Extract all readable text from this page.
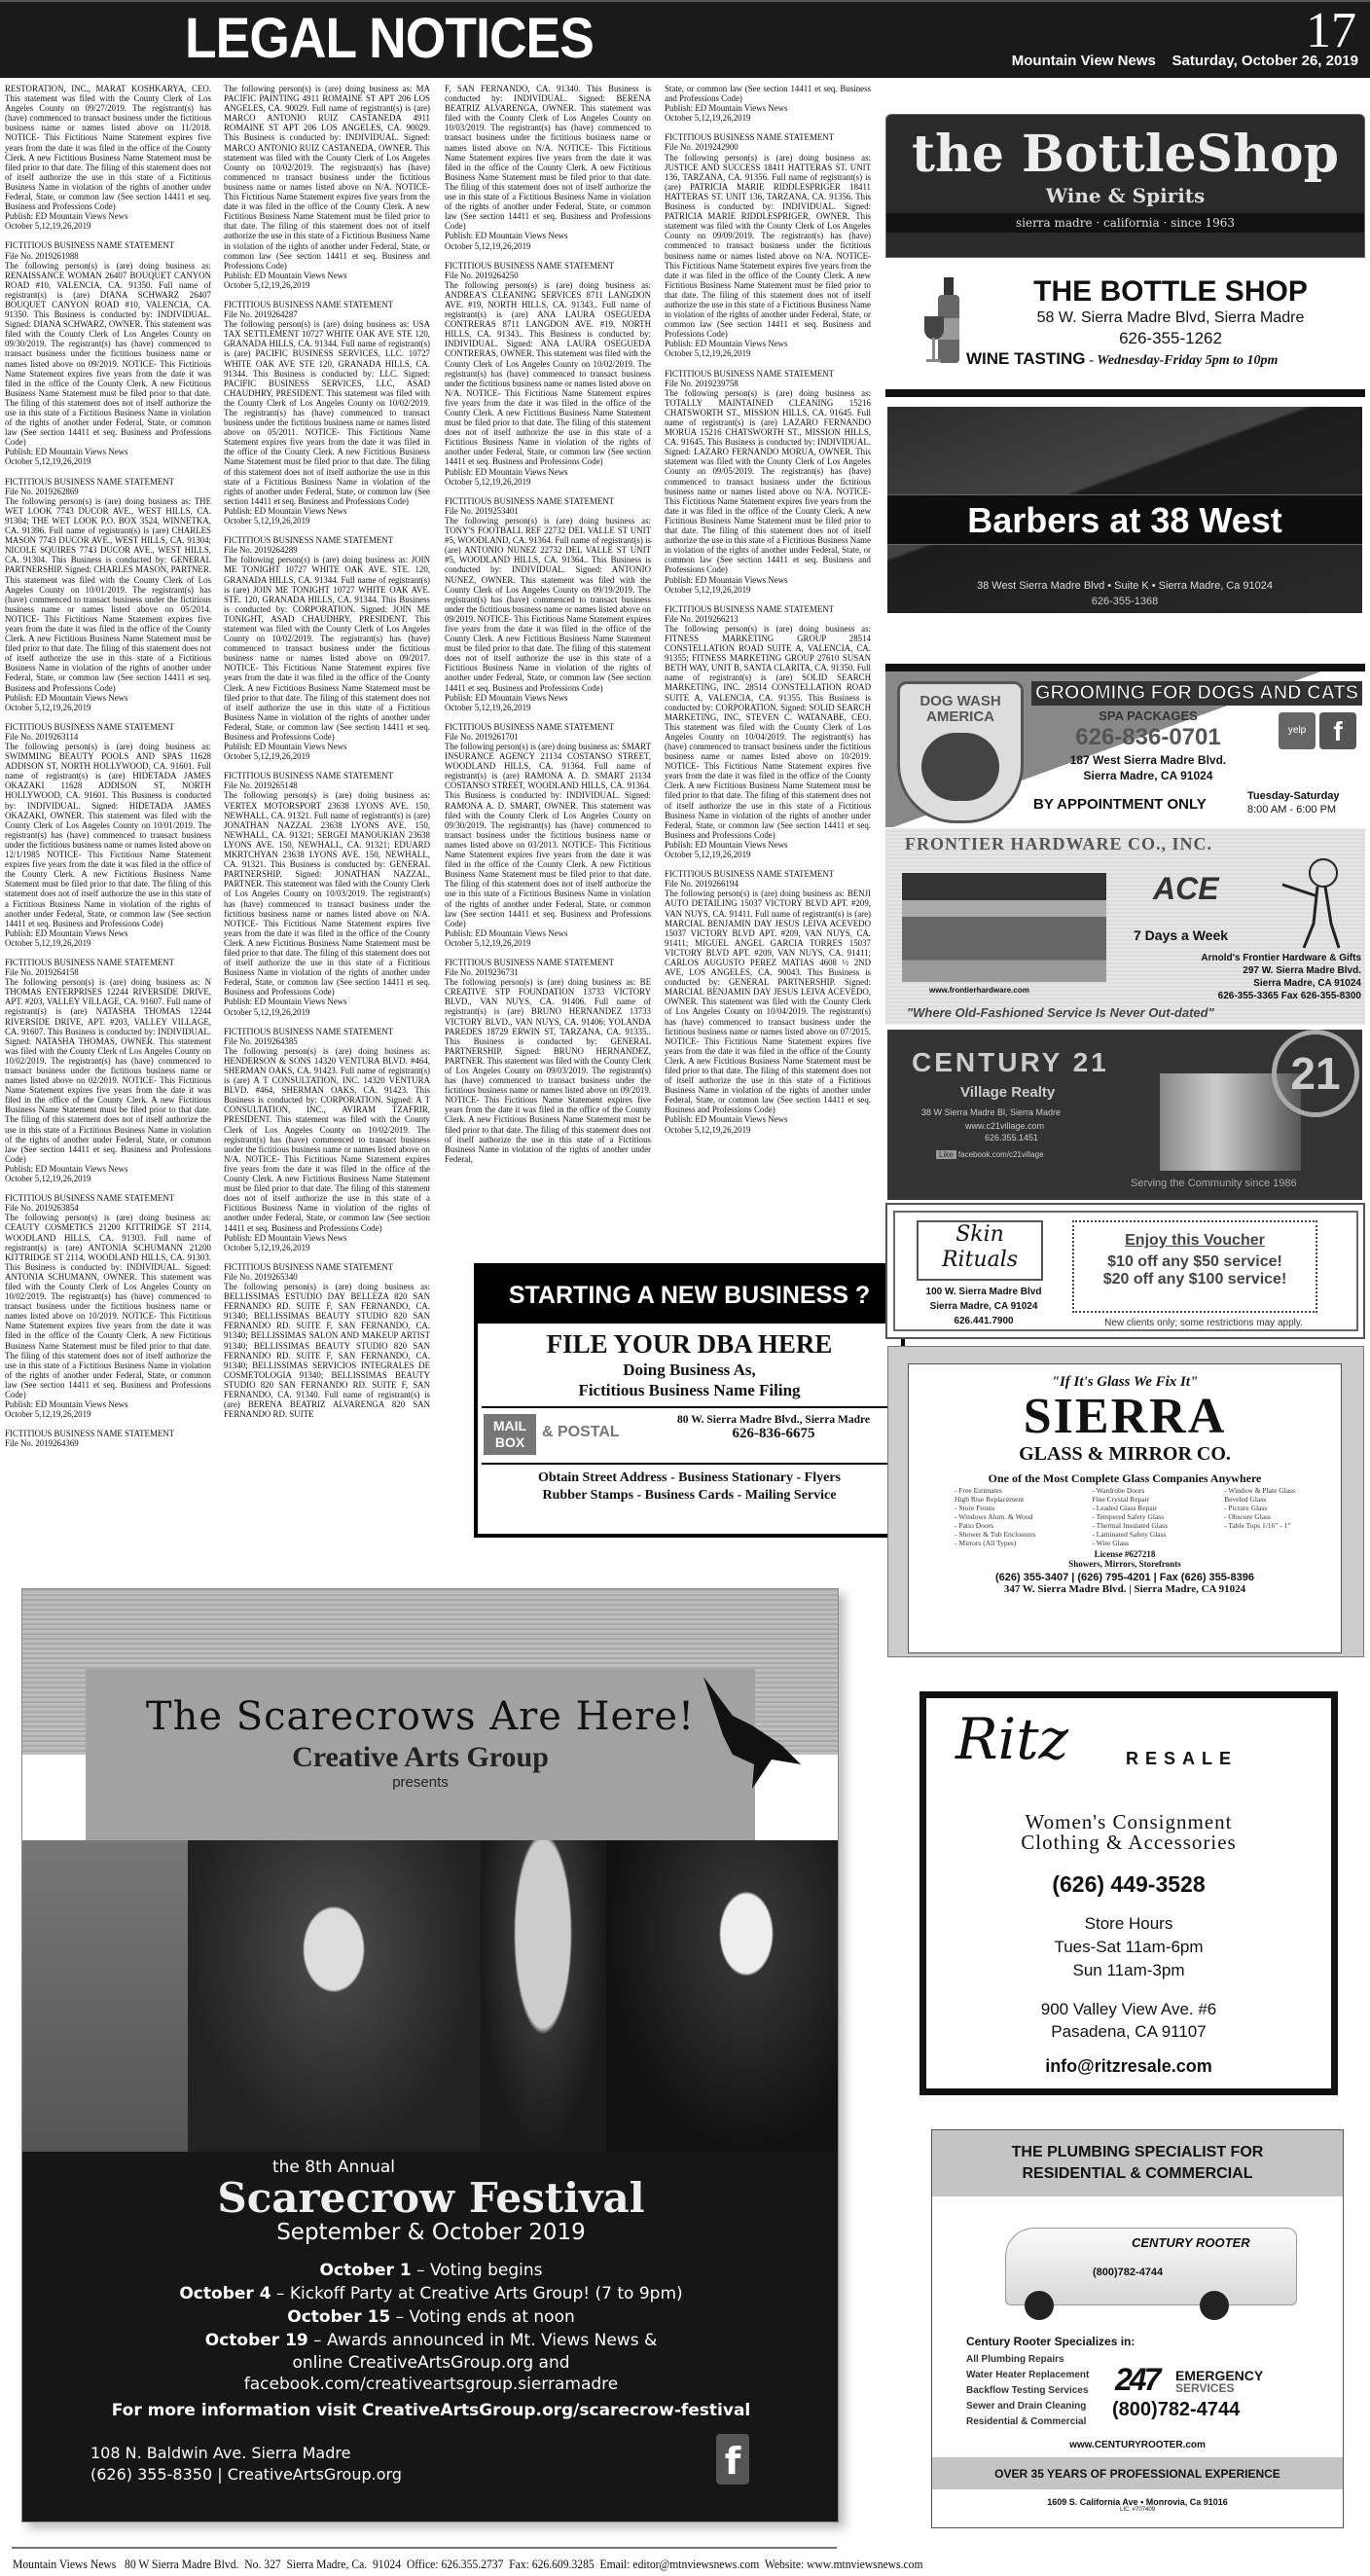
LEGAL NOTICES	17
Mountain View News Saturday, October 26, 2019
RESTORATION, INC., MARAT KOSHKARYA, CEO. This statement was filed with the County Clerk of Los Angeles County on 09/27/2019. The registrant(s) has (have) commenced to transact business under the fictitious business name or names listed above on 11/2018. NOTICE- This Fictitious Name Statement expires five years from the date it was filed in the office of the County Clerk. A new Fictitious Business Name Statement must be filed prior to that date. The filing of this statement does not of itself authorize the use in this state of a Fictitious Business Name in violation of the rights of another under Federal, State, or common law (See section 14411 et seq. Business and Professions Code)
Publish: ED Mountain Views News
October 5,12,19,26,2019
FICTITIOUS BUSINESS NAME STATEMENT
File No. 2019261988
The following person(s) is (are) doing business as: RENAISSANCE WOMAN 26407 BOUQUET CANYON ROAD #10, VALENCIA, CA. 91350. Full name of registrant(s) is (are) DIANA SCHWARZ 26407 BOUQUET CANYON ROAD #10, VALENCIA, CA. 91350. This Business is conducted by: INDIVIDUAL. Signed: DIANA SCHWARZ, OWNER. This statement was filed with the County Clerk of Los Angeles County on 09/30/2019. The registrant(s) has (have) commenced to transact business under the fictitious business name or names listed above on 09/2019. NOTICE- This Fictitious Name Statement expires five years from the date it was filed in the office of the County Clerk. A new Fictitious Business Name Statement must be filed prior to that date. The filing of this statement does not of itself authorize the use in this state of a Fictitious Business Name in violation of the rights of another under Federal, State, or common law (See section 14411 et seq. Business and Professions Code)
Publish: ED Mountain Views News
October 5,12,19,26,2019
FICTITIOUS BUSINESS NAME STATEMENT
File No. 2019262869
The following person(s) is (are) doing business as: THE WET LOOK 7743 DUCOR AVE., WEST HILLS, CA. 91304; THE WET LOOK P.O. BOX 3524, WINNETKA, CA. 91396. Full name of registrant(s) is (are) CHARLES MASON 7743 DUCOR AVE., WEST HILLS, CA. 91304; NICOLE SQUIRES 7743 DUCOR AVE., WEST HILLS, CA. 91304. This Business is conducted by: GENERAL PARTNERSHIP. Signed: CHARLES MASON, PARTNER. This statement was filed with the County Clerk of Los Angeles County on 10/01/2019. The registrant(s) has (have) commenced to transact business under the fictitious business name or names listed above on 05/2014. NOTICE- This Fictitious Name Statement expires five years from the date it was filed in the office of the County Clerk. A new Fictitious Business Name Statement must be filed prior to that date. The filing of this statement does not of itself authorize the use in this state of a Fictitious Business Name in violation of the rights of another under Federal, State, or common law (See section 14411 et seq. Business and Professions Code)
Publish: ED Mountain Views News
October 5,12,19,26,2019
FICTITIOUS BUSINESS NAME STATEMENT
File No. 2019263114
The following person(s) is (are) doing business as: SWIMMING BEAUTY POOLS AND SPAS 11628 ADDISON ST, NORTH HOLLYWOOD, CA. 91601. Full name of registrant(s) is (are) HIDETADA JAMES OKAZAKI 11628 ADDISON ST, NORTH HOLLYWOOD, CA. 91601. This Business is conducted by: INDIVIDUAL. Signed: HIDETADA JAMES OKAZAKI, OWNER. This statement was filed with the County Clerk of Los Angeles County on 10/01/2019. The registrant(s) has (have) commenced to transact business under the fictitious business name or names listed above on 12/1/1985 NOTICE- This Fictitious Name Statement expires five years from the date it was filed in the office of the County Clerk. A new Fictitious Business Name Statement must be filed prior to that date. The filing of this statement does not of itself authorize the use in this state of a Fictitious Business Name in violation of the rights of another under Federal, State, or common law (See section 14411 et seq. Business and Professions Code)
Publish: ED Mountain Views News
October 5,12,19,26,2019
FICTITIOUS BUSINESS NAME STATEMENT
File No. 2019264158
The following person(s) is (are) doing business as: N THOMAS ENTERPRISES 12244 RIVERSIDE DRIVE, APT. #203, VALLEY VILLAGE, CA. 91607. Full name of registrant(s) is (are) NATASHA THOMAS 12244 RIVERSIDE DRIVE, APT. #203, VALLEY VILLAGE, CA. 91607. This Business is conducted by: INDIVIDUAL. Signed: NATASHA THOMAS, OWNER. This statement was filed with the County Clerk of Los Angeles County on 10/02/2019. The registrant(s) has (have) commenced to transact business under the fictitious business name or names listed above on 02/2019. NOTICE- This Fictitious Name Statement expires five years from the date it was filed in the office of the County Clerk. A new Fictitious Business Name Statement must be filed prior to that date. The filing of this statement does not of itself authorize the use in this state of a Fictitious Business Name in violation of the rights of another under Federal, State, or common law (See section 14411 et seq. Business and Professions Code)
Publish: ED Mountain Views News
October 5,12,19,26,2019
FICTITIOUS BUSINESS NAME STATEMENT
File No. 2019263854
The following person(s) is (are) doing business as: CEAUTY COSMETICS 21200 KITTRIDGE ST 2114, WOODLAND HILLS, CA. 91303. Full name of registrant(s) is (are) ANTONIA SCHUMANN 21200 KITTRIDGE ST 2114, WOODLAND HILLS, CA. 91303. This Business is conducted by: INDIVIDUAL. Signed: ANTONIA SCHUMANN, OWNER. This statement was filed with the County Clerk of Los Angeles County on 10/02/2019. The registrant(s) has (have) commenced to transact business under the fictitious business name or names listed above on 10/2019. NOTICE- This Fictitious Name Statement expires five years from the date it was filed in the office of the County Clerk. A new Fictitious Business Name Statement must be filed prior to that date. The filing of this statement does not of itself authorize the use in this state of a Fictitious Business Name in violation of the rights of another under Federal, State, or common law (See section 14411 et seq. Business and Professions Code)
Publish: ED Mountain Views News
October 5,12,19,26,2019
FICTITIOUS BUSINESS NAME STATEMENT
File No. 2019264369
The following person(s) is (are) doing business as: MA PACIFIC PAINTING 4911 ROMAINE ST APT 206 LOS ANGELES, CA. 90029. Full name of registrant(s) is (are) MARCO ANTONIO RUIZ CASTANEDA 4911 ROMAINE ST APT 206 LOS ANGELES, CA. 90029. This Business is conducted by: INDIVIDUAL. Signed: MARCO ANTONIO RUIZ CASTANEDA, OWNER. This statement was filed with the County Clerk of Los Angeles County on 10/02/2019. The registrant(s) has (have) commenced to transact business under the fictitious business name or names listed above on N/A. NOTICE- This Fictitious Name Statement expires five years from the date it was filed in the office of the County Clerk. A new Fictitious Business Name Statement must be filed prior to that date. The filing of this statement does not of itself authorize the use in this state of a Fictitious Business Name in violation of the rights of another under Federal, State, or common law (See section 14411 et seq. Business and Professions Code)
Publish: ED Mountain Views News
October 5,12,19,26,2019
FICTITIOUS BUSINESS NAME STATEMENT
File No. 2019264287
The following person(s) is (are) doing business as: USA TAX SETTLEMENT 10727 WHITE OAK AVE STE 120, GRANADA HILLS, CA. 91344. Full name of registrant(s) is (are) PACIFIC BUSINESS SERVICES, LLC. 10727 WHITE OAK AVE STE 120, GRANADA HILLS, CA. 91344. This Business is conducted by: LLC. Signed: PACIFIC BUSINESS SERVICES, LLC, ASAD CHAUDHRY, PRESIDENT. This statement was filed with the County Clerk of Los Angeles County on 10/02/2019. The registrant(s) has (have) commenced to transact business under the fictitious business name or names listed above on 05/2011. NOTICE- This Fictitious Name Statement expires five years from the date it was filed in the office of the County Clerk. A new Fictitious Business Name Statement must be filed prior to that date. The filing of this statement does not of itself authorize the use in this state of a Fictitious Business Name in violation of the rights of another under Federal, State, or common law (See section 14411 et seq. Business and Professions Code)
Publish: ED Mountain Views News
October 5,12,19,26,2019
FICTITIOUS BUSINESS NAME STATEMENT
File No. 2019264289
The following person(s) is (are) doing business as: JOIN ME TONIGHT 10727 WHITE OAK AVE. STE. 120, GRANADA HILLS, CA. 91344. Full name of registrant(s) is (are) JOIN ME TONIGHT 10727 WHITE OAK AVE. STE. 120, GRANADA HILLS, CA. 91344. This Business is conducted by: CORPORATION. Signed: JOIN ME TONIGHT, ASAD CHAUDHRY, PRESIDENT. This statement was filed with the County Clerk of Los Angeles County on 10/02/2019. The registrant(s) has (have) commenced to transact business under the fictitious business name or names listed above on 09/2017. NOTICE- This Fictitious Name Statement expires five years from the date it was filed in the office of the County Clerk. A new Fictitious Business Name Statement must be filed prior to that date. The filing of this statement does not of itself authorize the use in this state of a Fictitious Business Name in violation of the rights of another under Federal, State, or common law (See section 14411 et seq. Business and Professions Code)
Publish: ED Mountain Views News
October 5,12,19,26,2019
FICTITIOUS BUSINESS NAME STATEMENT
File No. 2019265148
The following person(s) is (are) doing business as: VERTEX MOTORSPORT 23638 LYONS AVE. 150, NEWHALL, CA. 91321. Full name of registrant(s) is (are) JONATHAN NAZZAL 23638 LYONS AVE. 150, NEWHALL, CA. 91321; SERGEI MANOUKIAN 23638 LYONS AVE. 150, NEWHALL, CA. 91321; EDUARD MKRTCHYAN 23638 LYONS AVE. 150, NEWHALL, CA. 91321. This Business is conducted by: GENERAL PARTNERSHIP. Signed: JONATHAN NAZZAL, PARTNER. This statement was filed with the County Clerk of Los Angeles County on 10/03/2019. The registrant(s) has (have) commenced to transact business under the fictitious business name or names listed above on N/A. NOTICE- This Fictitious Name Statement expires five years from the date it was filed in the office of the County Clerk. A new Fictitious Business Name Statement must be filed prior to that date. The filing of this statement does not of itself authorize the use in this state of a Fictitious Business Name in violation of the rights of another under Federal, State, or common law (See section 14411 et seq. Business and Professions Code)
Publish: ED Mountain Views News
October 5,12,19,26,2019
FICTITIOUS BUSINESS NAME STATEMENT
File No. 2019264385
The following person(s) is (are) doing business as: HENDERSON & SONS 14320 VENTURA BLVD. #464, SHERMAN OAKS, CA. 91423. Full name of registrant(s) is (are) A T CONSULTATION, INC. 14320 VENTURA BLVD. #464, SHERMAN OAKS, CA. 91423. This Business is conducted by: CORPORATION. Signed: A T CONSULTATION, INC., AVIRAM TZAFRIR, PRESIDENT. This statement was filed with the County Clerk of Los Angeles County on 10/02/2019. The registrant(s) has (have) commenced to transact business under the fictitious business name or names listed above on N/A. NOTICE- This Fictitious Name Statement expires five years from the date it was filed in the office of the County Clerk. A new Fictitious Business Name Statement must be filed prior to that date. The filing of this statement does not of itself authorize the use in this state of a Fictitious Business Name in violation of the rights of another under Federal, State, or common law (See section 14411 et seq. Business and Professions Code)
Publish: ED Mountain Views News
October 5,12,19,26,2019
FICTITIOUS BUSINESS NAME STATEMENT
File No. 2019265340
The following person(s) is (are) doing business as: BELLISSIMAS ESTUDIO DAY BELLEZA 820 SAN FERNANDO RD. SUITE F, SAN FERNANDO, CA. 91340; BELLISSIMAS BEAUTY STUDIO 820 SAN FERNANDO RD. SUITE F, SAN FERNANDO, CA. 91340; BELLISSIMAS SALON AND MAKEUP ARTIST 91340; BELLISSIMAS BEAUTY STUDIO 820 SAN FERNANDO RD. SUITE F, SAN FERNANDO, CA. 91340; BELLISSIMAS SERVICIOS INTEGRALES DE COSMETOLOGIA 91340; BELLISSIMAS BEAUTY STUDIO 820 SAN FERNANDO RD. SUITE F, SAN FERNANDO, CA. 91340. Full name of registrant(s) is (are) BERENA BEATRIZ ALVARENGA 820 SAN FERNANDO RD. SUITE
F, SAN FERNANDO, CA. 91340. This Business is conducted by: INDIVIDUAL. Signed: BERENA BEATRIZ ALVARENGA, OWNER. This statement was filed with the County Clerk of Los Angeles County on 10/03/2019. The registrant(s) has (have) commenced to transact business under the fictitious business name or names listed above on N/A. NOTICE- This Fictitious Name Statement expires five years from the date it was filed in the office of the County Clerk. A new Fictitious Business Name Statement must be filed prior to that date. The filing of this statement does not of itself authorize the use in this state of a Fictitious Business Name in violation of the rights of another under Federal, State, or common law (See section 14411 et seq. Business and Professions Code)
Publish: ED Mountain Views News
October 5,12,19,26,2019
FICTITIOUS BUSINESS NAME STATEMENT
File No. 2019264250
The following person(s) is (are) doing business as: ANDREA'S CLEANING SERVICES 8711 LANGDON AVE. #19, NORTH HILLS, CA. 91343.. Full name of registrant(s) is (are) ANA LAURA OSEGUEDA CONTRERAS 8711 LANGDON AVE. #19, NORTH HILLS, CA. 91343.. This Business is conducted by: INDIVIDUAL. Signed: ANA LAURA OSEGUEDA CONTRERAS, OWNER. This statement was filed with the County Clerk of Los Angeles County on 10/02/2019. The registrant(s) has (have) commenced to transact business under the fictitious business name or names listed above on N/A. NOTICE- This Fictitious Name Statement expires five years from the date it was filed in the office of the County Clerk. A new Fictitious Business Name Statement must be filed prior to that date. The filing of this statement does not of itself authorize the use in this state of a Fictitious Business Name in violation of the rights of another under Federal, State, or common law (See section 14411 et seq. Business and Professions Code)
Publish: ED Mountain Views News
October 5,12,19,26,2019
FICTITIOUS BUSINESS NAME STATEMENT
File No. 2019253401
The following person(s) is (are) doing business as: TONY'S FOOTBALL REF 22732 DEL VALLE ST UNIT #5, WOODLAND, CA. 91364. Full name of registrant(s) is (are) ANTONIO NUNEZ 22732 DEL VALLE ST UNIT #5, WOODLAND HILLS, CA. 91364.. This Business is conducted by: INDIVIDUAL. Signed: ANTONIO NUNEZ, OWNER. This statement was filed with the County Clerk of Los Angeles County on 09/19/2019. The registrant(s) has (have) commenced to transact business under the fictitious business name or names listed above on 09/2019. NOTICE- This Fictitious Name Statement expires five years from the date it was filed in the office of the County Clerk. A new Fictitious Business Name Statement must be filed prior to that date. The filing of this statement does not of itself authorize the use in this state of a Fictitious Business Name in violation of the rights of another under Federal, State, or common law (See section 14411 et seq. Business and Professions Code)
Publish: ED Mountain Views News
October 5,12,19,26,2019
FICTITIOUS BUSINESS NAME STATEMENT
File No. 2019261701
The following person(s) is (are) doing business as: SMART INSURANCE AGENCY 21134 COSTANSO STREET, WOODLAND HILLS, CA. 91364. Full name of registrant(s) is (are) RAMONA A. D. SMART 21134 COSTANSO STREET, WOODLAND HILLS, CA. 91364. This Business is conducted by: INDIVIDUAL. Signed: RAMONA A. D. SMART, OWNER. This statement was filed with the County Clerk of Los Angeles County on 09/30/2019. The registrant(s) has (have) commenced to transact business under the fictitious business name or names listed above on 03/2013. NOTICE- This Fictitious Name Statement expires five years from the date it was filed in the office of the County Clerk. A new Fictitious Business Name Statement must be filed prior to that date. The filing of this statement does not of itself authorize the use in this state of a Fictitious Business Name in violation of the rights of another under Federal, State, or common law (See section 14411 et seq. Business and Professions Code)
Publish: ED Mountain Views News
October 5,12,19,26,2019
FICTITIOUS BUSINESS NAME STATEMENT
File No. 2019236731
The following person(s) is (are) doing business as: BE CREATIVE STP FOUNDATION 13733 VICTORY BLVD., VAN NUYS, CA. 91406. Full name of registrant(s) is (are) BRUNO HERNANDEZ 13733 VICTORY BLVD., VAN NUYS, CA. 91406; YOLANDA PAREDES 18729 ERWIN ST, TARZANA, CA. 91335.. This Business is conducted by: GENERAL PARTNERSHIP. Signed: BRUNO HERNANDEZ, PARTNER. This statement was filed with the County Clerk of Los Angeles County on 09/03/2019. The registrant(s) has (have) commenced to transact business under the fictitious business name or names listed above on 09/2019. NOTICE- This Fictitious Name Statement expires five years from the date it was filed in the office of the County Clerk. A new Fictitious Business Name Statement must be filed prior to that date. The filing of this statement does not of itself authorize the use in this state of a Fictitious Business Name in violation of the rights of another under Federal,
State, or common law (See section 14411 et seq. Business and Professions Code)
Publish: ED Mountain Views News
October 5,12,19,26,2019
FICTITIOUS BUSINESS NAME STATEMENT
File No. 2019242900
The following person(s) is (are) doing business as: JUSTICE AND SUCCESS 18411 HATTERAS ST. UNIT 136, TARZANA, CA. 91356. Full name of registrant(s) is (are) PATRICIA MARIE RIDDLESPRIGER 18411 HATTERAS ST. UNIT 136, TARZANA, CA. 91356. This Business is conducted by: INDIVIDUAL. Signed: PATRICIA MARIE RIDDLESPRIGER, OWNER. This statement was filed with the County Clerk of Los Angeles County on 09/09/2019. The registrant(s) has (have) commenced to transact business under the fictitious business name or names listed above on N/A. NOTICE- This Fictitious Name Statement expires five years from the date it was filed in the office of the County Clerk. A new Fictitious Business Name Statement must be filed prior to that date. The filing of this statement does not of itself authorize the use in this state of a Fictitious Business Name in violation of the rights of another under Federal, State, or common law (See section 14411 et seq. Business and Professions Code)
Publish: ED Mountain Views News
October 5,12,19,26,2019
FICTITIOUS BUSINESS NAME STATEMENT
File No. 2019239758
The following person(s) is (are) doing business as: TOTALLY MAINTAINED CLEANING 15216 CHATSWORTH ST., MISSION HILLS, CA. 91645. Full name of registrant(s) is (are) LAZARO FERNANDO MORUA 15216 CHATSWORTH ST., MISSION HILLS, CA. 91645. This Business is conducted by: INDIVIDUAL. Signed: LAZARO FERNANDO MORUA, OWNER. This statement was filed with the County Clerk of Los Angeles County on 09/05/2019. The registrant(s) has (have) commenced to transact business under the fictitious business name or names listed above on N/A. NOTICE- This Fictitious Name Statement expires five years from the date it was filed in the office of the County Clerk. A new Fictitious Business Name Statement must be filed prior to that date. The filing of this statement does not of itself authorize the use in this state of a Fictitious Business Name in violation of the rights of another under Federal, State, or common law (See section 14411 et seq. Business and Professions Code)
Publish: ED Mountain Views News
October 5,12,19,26,2019
FICTITIOUS BUSINESS NAME STATEMENT
File No. 2019266213
The following person(s) is (are) doing business as: FITNESS MARKETING GROUP 28514 CONSTELLATION ROAD SUITE A, VALENCIA, CA. 91355; FITNESS MARKETING GROUP 27610 SUSAN BETH WAY, UNIT B, SANTA CLARITA, CA. 91350. Full name of registrant(s) is (are) SOLID SEARCH MARKETING, INC. 28514 CONSTELLATION ROAD SUITE A, VALENCIA, CA. 91355. This Business is conducted by: CORPORATION. Signed: SOLID SEARCH MARKETING, INC, STEVEN C. WATANABE, CEO. This statement was filed with the County Clerk of Los Angeles County on 10/04/2019. The registrant(s) has (have) commenced to transact business under the fictitious business name or names listed above on 10/2019. NOTICE- This Fictitious Name Statement expires five years from the date it was filed in the office of the County Clerk. A new Fictitious Business Name Statement must be filed prior to that date. The filing of this statement does not of itself authorize the use in this state of a Fictitious Business Name in violation of the rights of another under Federal, State, or common law (See section 14411 et seq. Business and Professions Code)
Publish: ED Mountain Views News
October 5,12,19,26,2019
FICTITIOUS BUSINESS NAME STATEMENT
File No. 2019266194
The following person(s) is (are) doing business as: BENJI AUTO DETAILING 15037 VICTORY BLVD APT. #209, VAN NUYS, CA. 91411. Full name of registrant(s) is (are) MARCIAL BENJAMIN DAY JESUS LEIVA ACEVEDO 15037 VICTORY BLVD APT. #209, VAN NUYS, CA. 91411; MIGUEL ANGEL GARCIA TORRES 15037 VICTORY BLVD APT. #209, VAN NUYS, CA. 91411; CARLOS AUGUSTO PEREZ MATIAS 4608 ½ 2ND AVE, LOS ANGELES, CA. 90043. This Business is conducted by: GENERAL PARTNERSHIP. Signed: MARCIAL BENJAMIN DAY JESUS LEIVA ACEVEDO, OWNER. This statement was filed with the County Clerk of Los Angeles County on 10/04/2019. The registrant(s) has (have) commenced to transact business under the fictitious business name or names listed above on 07/2015. NOTICE- This Fictitious Name Statement expires five years from the date it was filed in the office of the County Clerk. A new Fictitious Business Name Statement must be filed prior to that date. The filing of this statement does not of itself authorize the use in this state of a Fictitious Business Name in violation of the rights of another under Federal, State, or common law (See section 14411 et seq. Business and Professions Code)
Publish: ED Mountain Views News
October 5,12,19,26,2019
STARTING A NEW BUSINESS ?
FILE YOUR DBA HERE
Doing Business As,
Fictitious Business Name Filing
MAIL
BOX
& POSTAL
80 W. Sierra Madre Blvd., Sierra Madre
626-836-6675
Obtain Street Address - Business Stationary - Flyers
Rubber Stamps - Business Cards - Mailing Service
The Scarecrows Are Here!
Creative Arts Group
presents
the 8th Annual
Scarecrow Festival
September & October 2019
October 1 – Voting begins
October 4 – Kickoff Party at Creative Arts Group! (7 to 9pm)
October 15 – Voting ends at noon
October 19 – Awards announced in Mt. Views News &
online CreativeArtsGroup.org and
facebook.com/creativeartsgroup.sierramadre
For more information visit CreativeArtsGroup.org/scarecrow-festival
108 N. Baldwin Ave. Sierra Madre
(626) 355-8350 | CreativeArtsGroup.org	f
the BottleShop
Wine & Spirits
sierra madre · california · since 1963
THE BOTTLE SHOP
58 W. Sierra Madre Blvd, Sierra Madre
626-355-1262
WINE TASTING - Wednesday-Friday 5pm to 10pm
Barbers at 38 West
38 West Sierra Madre Blvd • Suite K • Sierra Madre, Ca 91024
626-355-1368
DOG WASH AMERICA
GROOMING FOR DOGS AND CATS
SPA PACKAGES
626-836-0701
187 West Sierra Madre Blvd.
Sierra Madre, CA 91024
BY APPOINTMENT ONLY	Tuesday-Saturday
8:00 AM - 6:00 PM
yelp	f
FRONTIER HARDWARE CO., INC.
www.frontierhardware.com
ACE
7 Days a Week
Arnold's Frontier Hardware & Gifts
297 W. Sierra Madre Blvd.
Sierra Madre, CA 91024
626-355-3365 Fax 626-355-8300
"Where Old-Fashioned Service Is Never Out-dated"
CENTURY 21
Village Realty
38 W Sierra Madre Bl, Sierra Madre
www.c21village.com
626.355.1451
Like facebook.com/c21village
21
Serving the Community since 1986
Skin
Rituals
100 W. Sierra Madre Blvd
Sierra Madre, CA 91024
626.441.7900
Enjoy this Voucher
$10 off any $50 service!
$20 off any $100 service!
New clients only; some restrictions may apply.
"If It's Glass We Fix It"
SIERRA
GLASS & MIRROR CO.
One of the Most Complete Glass Companies Anywhere
- Free Estimates
High Rise Replacement
- Store Fronts
- Windows Alum. & Wood
- Patio Doors
- Shower & Tub Enclosures
- Mirrors (All Types)
- Wardrobe Doors
Fine Crystal Repair
- Leaded Glass Repair
- Tempered Safety Glass
- Thermal Insulated Glass
- Laminated Safety Glass
- Wire Glass
- Window & Plate Glass
Beveled Glass
- Picture Glass
- Obscure Glass
- Table Tops 1/16" - 1"
License #627218
Showers, Mirrors, Storefronts
(626) 355-3407 | (626) 795-4201 | Fax (626) 355-8396
347 W. Sierra Madre Blvd. | Sierra Madre, CA 91024
Ritz	RESALE
Women's Consignment
Clothing & Accessories
(626) 449-3528
Store Hours
Tues-Sat 11am-6pm
Sun 11am-3pm
900 Valley View Ave. #6
Pasadena, CA 91107
info@ritzresale.com
THE PLUMBING SPECIALIST FOR
RESIDENTIAL & COMMERCIAL
CENTURY ROOTER
(800)782-4744
Century Rooter Specializes in:
All Plumbing Repairs
Water Heater Replacement
Backflow Testing Services
Sewer and Drain Cleaning
Residential & Commercial
247 EMERGENCY
SERVICES
(800)782-4744
www.CENTURYROOTER.com
OVER 35 YEARS OF PROFESSIONAL EXPERIENCE
1609 S. California Ave • Monrovia, Ca 91016
LIC. #707409
Mountain Views News   80 W Sierra Madre Blvd.  No. 327  Sierra Madre, Ca.  91024  Office: 626.355.2737  Fax: 626.609.3285  Email: editor@mtnviewsnews.com  Website: www.mtnviewsnews.com
